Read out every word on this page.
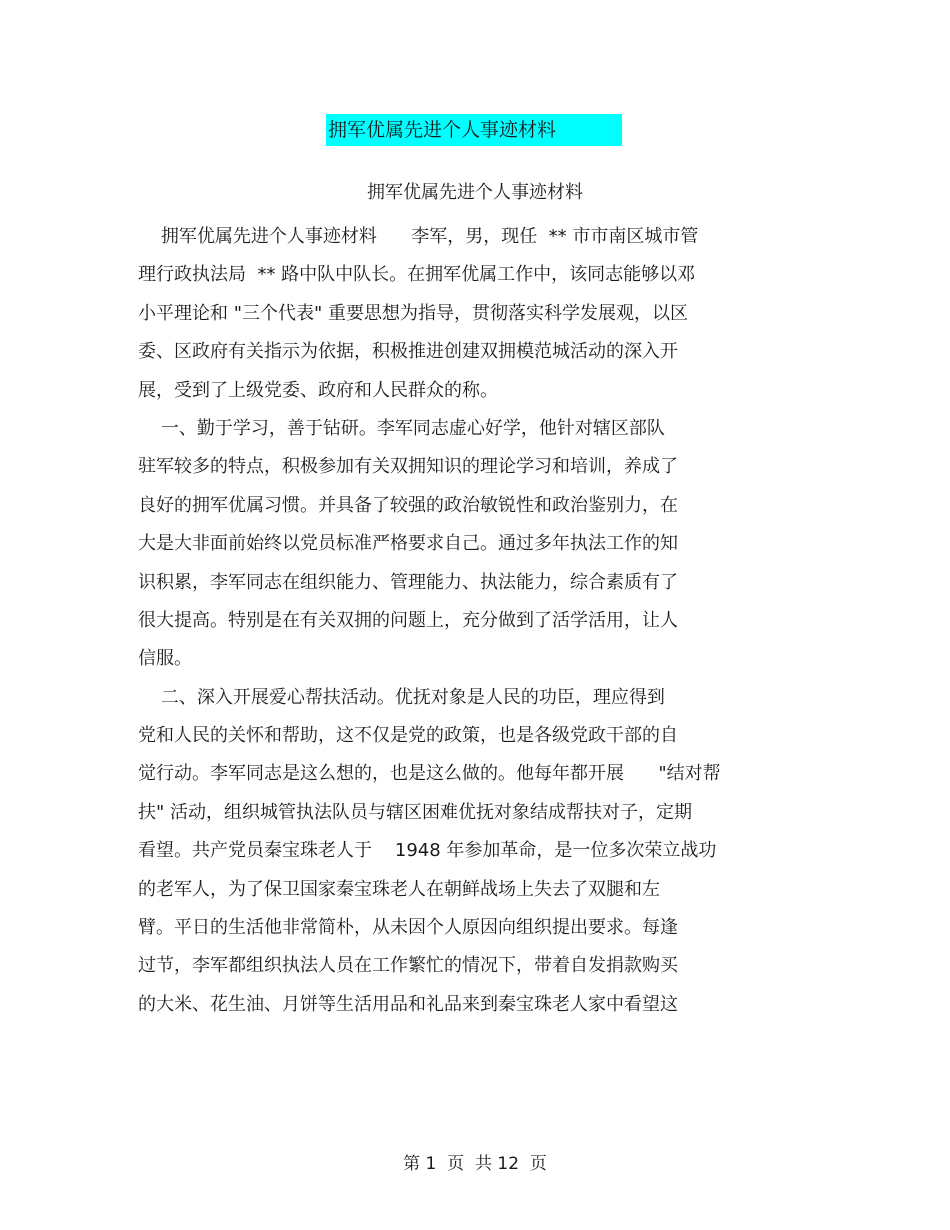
拥军优属先进个人事迹材料
拥军优属先进个人事迹材料
拥军优属先进个人事迹材料      李军，男，现任  ** 市市南区城市管
理行政执法局  ** 路中队中队长。在拥军优属工作中，该同志能够以邓
小平理论和 "三个代表" 重要思想为指导，贯彻落实科学发展观，以区
委、区政府有关指示为依据，积极推进创建双拥模范城活动的深入开
展，受到了上级党委、政府和人民群众的称。
一、勤于学习，善于钻研。李军同志虚心好学，他针对辖区部队
驻军较多的特点，积极参加有关双拥知识的理论学习和培训，养成了
良好的拥军优属习惯。并具备了较强的政治敏锐性和政治鉴别力，在
大是大非面前始终以党员标准严格要求自己。通过多年执法工作的知
识积累，李军同志在组织能力、管理能力、执法能力，综合素质有了
很大提高。特别是在有关双拥的问题上，充分做到了活学活用，让人
信服。
二、深入开展爱心帮扶活动。优抚对象是人民的功臣，理应得到
党和人民的关怀和帮助，这不仅是党的政策，也是各级党政干部的自
觉行动。李军同志是这么想的，也是这么做的。他每年都开展      "结对帮
扶" 活动，组织城管执法队员与辖区困难优抚对象结成帮扶对子，定期
看望。共产党员秦宝珠老人于    1948 年参加革命，是一位多次荣立战功
的老军人，为了保卫国家秦宝珠老人在朝鲜战场上失去了双腿和左
臂。平日的生活他非常简朴，从未因个人原因向组织提出要求。每逢
过节，李军都组织执法人员在工作繁忙的情况下，带着自发捐款购买
的大米、花生油、月饼等生活用品和礼品来到秦宝珠老人家中看望这
第 1  页  共 12  页
